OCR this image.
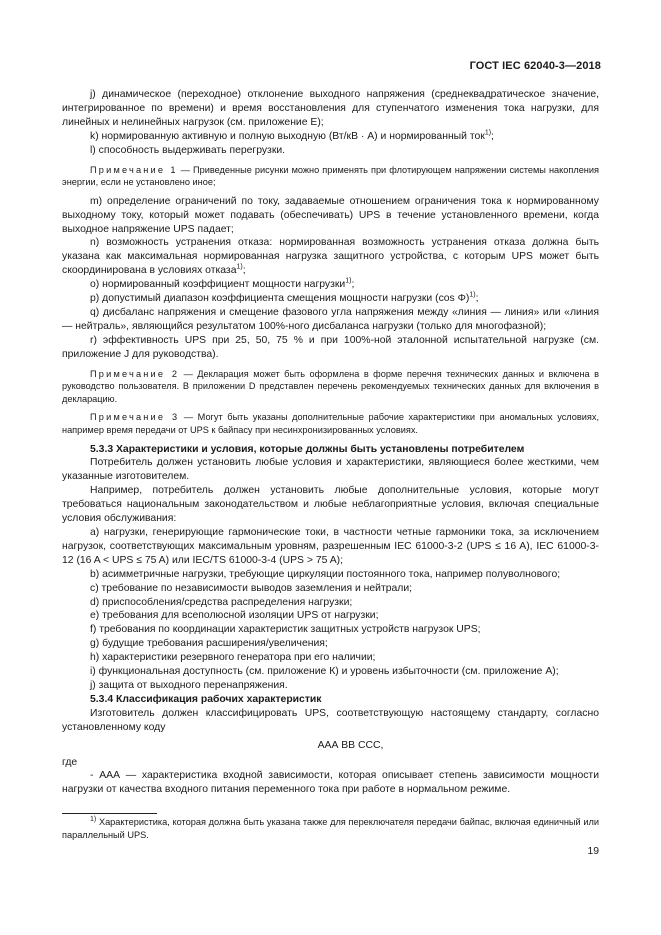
ГОСТ IEC 62040-3—2018

j) динамическое (переходное) отклонение выходного напряжения (среднеквадратическое значение, интегрированное по времени) и время восстановления для ступенчатого изменения тока нагрузки, для линейных и нелинейных нагрузок (см. приложение Е);

k) нормированную активную и полную выходную (Вт/кВ · А) и нормированный ток$^{1)}$;

l) способность выдерживать перегрузки.

Примечание 1 — Приведенные рисунки можно применять при флотирующем напряжении системы накопления энергии, если не установлено иное;

m) определение ограничений по току, задаваемые отношением ограничения тока к нормированному выходному току, который может подавать (обеспечивать) UPS в течение установленного времени, когда выходное напряжение UPS падает;

n) возможность устранения отказа: нормированная возможность устранения отказа должна быть указана как максимальная нормированная нагрузка защитного устройства, с которым UPS может быть скоординирована в условиях отказа$^{1)}$;

o) нормированный коэффициент мощности нагрузки$^{1)}$;

p) допустимый диапазон коэффициента смещения мощности нагрузки (cos Φ)$^{1)}$;

q) дисбаланс напряжения и смещение фазового угла напряжения между «линия — линия» или «линия — нейтраль», являющийся результатом 100%-ного дисбаланса нагрузки (только для многофазной);

r) эффективность UPS при 25, 50, 75 % и при 100%-ной эталонной испытательной нагрузке (см. приложение J для руководства).

Примечание 2 — Декларация может быть оформлена в форме перечня технических данных и включена в руководство пользователя. В приложении D представлен перечень рекомендуемых технических данных для включения в декларацию.

Примечание 3 — Могут быть указаны дополнительные рабочие характеристики при аномальных условиях, например время передачи от UPS к байпасу при несинхронизированных условиях.

5.3.3 Характеристики и условия, которые должны быть установлены потребителем

Потребитель должен установить любые условия и характеристики, являющиеся более жесткими, чем указанные изготовителем.

Например, потребитель должен установить любые дополнительные условия, которые могут требоваться национальным законодательством и любые неблагоприятные условия, включая специальные условия обслуживания:

a) нагрузки, генерирующие гармонические токи, в частности четные гармоники тока, за исключением нагрузок, соответствующих максимальным уровням, разрешенным IEC 61000-3-2 (UPS ≤ 16 A), IEC 61000-3-12 (16 A < UPS ≤ 75 A) или IEC/TS 61000-3-4 (UPS > 75 A);

b) асимметричные нагрузки, требующие циркуляции постоянного тока, например полуволнового;

c) требование по независимости выводов заземления и нейтрали;

d) приспособления/средства распределения нагрузки;

e) требования для всеполюсной изоляции UPS от нагрузки;

f) требования по координации характеристик защитных устройств нагрузок UPS;

g) будущие требования расширения/увеличения;

h) характеристики резервного генератора при его наличии;

i) функциональная доступность (см. приложение К) и уровень избыточности (см. приложение А);

j) защита от выходного перенапряжения.

5.3.4 Классификация рабочих характеристик

Изготовитель должен классифицировать UPS, соответствующую настоящему стандарту, согласно установленному коду

ААА ВВ ССС,

где

- ААА — характеристика входной зависимости, которая описывает степень зависимости мощности нагрузки от качества входного питания переменного тока при работе в нормальном режиме.

$^{1)}$ Характеристика, которая должна быть указана также для переключателя передачи байпас, включая единичный или параллельный UPS.

19
